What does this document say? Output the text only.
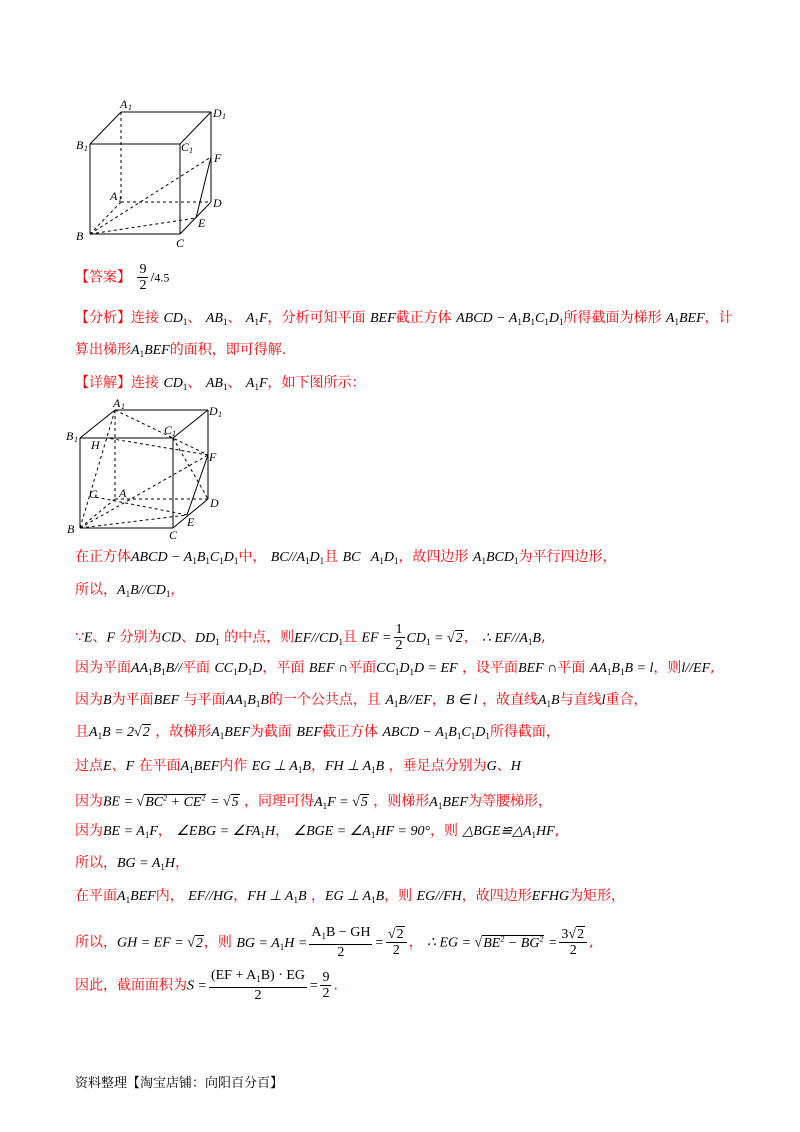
A 1	D 1
B 1	C 1
F
A 1	D
B	C
E
【答案】 $\frac{9}{2} /4.5$
【分析】连接 $CD_1$、 $AB_1$、 $A_1F$，分析可知平面 BEF截正方体 ABCD − $A_1B_1C_1D_1$所得截面为梯形 $A_1BEF$，计
算出梯形$A_1BEF$的面积，即可得解.
【详解】连接 $CD_1$、 $AB_1$、 $A_1F$，如下图所示：
A 1	D 1
B 1
C 1
H
F
G A
D
B	C
E
在正方体ABCD − $A_1B_1C_1D_1$中， $BC//A_1D_1$且 BC   $A_1D_1$，故四边形 $A_1BCD_1$为平行四边形，
所以，$A_1B//CD_1$，
∵E、F 分别为CD、$DD_1$ 的中点，则$EF//CD_1$且 EF = $\frac{1}{2} CD_1 = √2$， ∴ $EF//A_1B$,
因为平面$AA_1B_1B//$平面 $CC_1D_1D$，平面 BEF ∩平面$CC_1D_1D$ = EF ，设平面BEF ∩平面 $AA_1B_1B = l$，则l//EF,
因为B为平面BEF 与平面$AA_1B_1B$的一个公共点，且 $A_1B//EF$，B ∈ l ，故直线$A_1B$与直线l重合，
且$A_1B = 2√2$ ，故梯形$A_1BEF$为截面 BEF截正方体 ABCD − $A_1B_1C_1D_1$所得截面，
过点E、F 在平面$A_1BEF$内作 EG ⊥ $A_1B$，FH ⊥ $A_1B$ ，垂足点分别为G、H
因为BE = $√BC^2 + CE^2 = √5$ ，同理可得$A_1F = √5$ ，则梯形$A_1BEF$为等腰梯形，
因为BE = $A_1F$， ∠EBG = $\angle FA_1H$， ∠BGE = $\angle A_1HF = 90^\circ$，则 $\triangle BGE≌\triangle A_1HF$,
所以，BG = $A_1H$，
在平面$A_1BEF$内， EF//HG，FH ⊥ $A_1B$ ，EG ⊥ $A_1B$，则 EG//FH，故四边形EFHG为矩形，
所以，GH = EF = √2，则 BG = $A_1H = \frac{A_1B - GH}{2} = \frac{√2}{2}$ ， ∴ EG = $√BE^2 - BG^2 = \frac{3√2}{2}$ ,
因此，截面面积为$S = \frac{(EF + A_1B) \cdot EG}{2} = \frac{9}{2}$ .
资料整理【淘宝店铺：向阳百分百】
